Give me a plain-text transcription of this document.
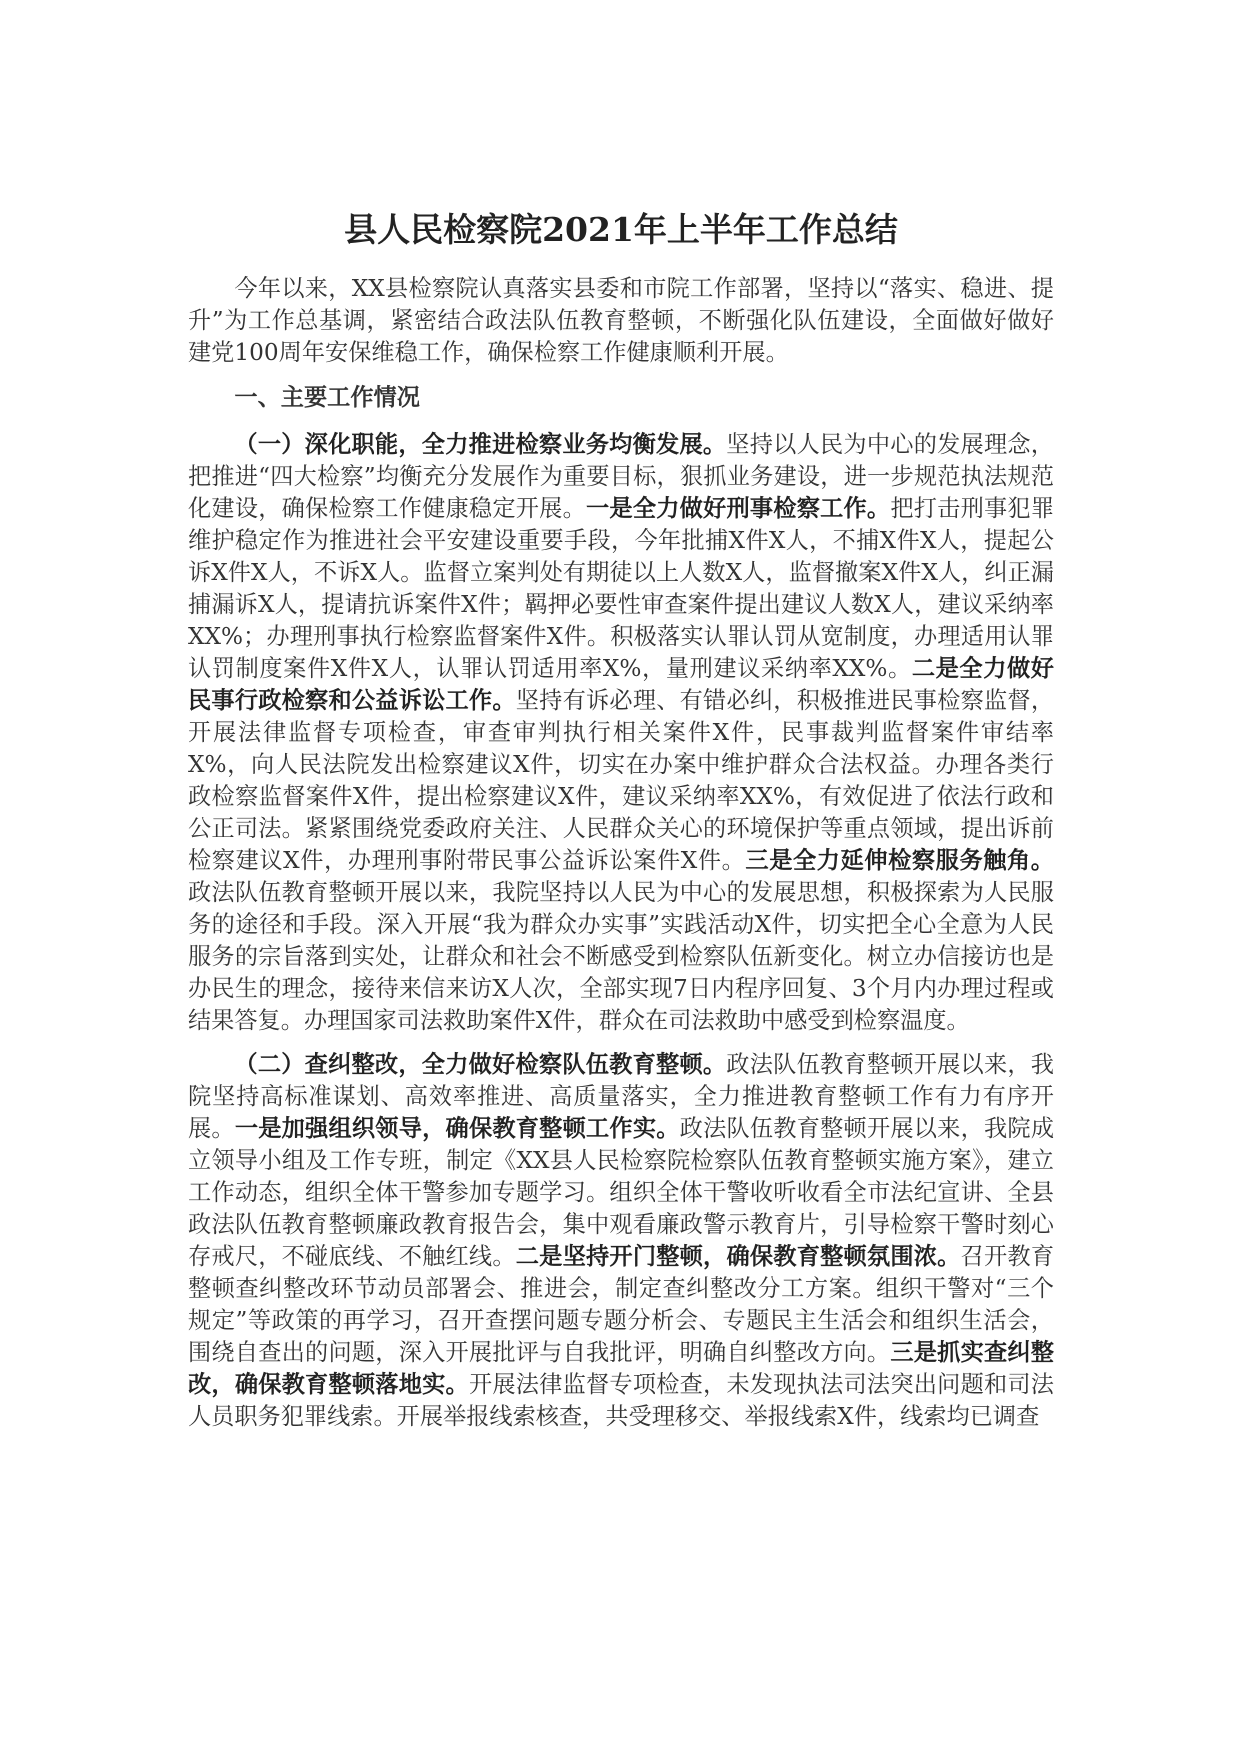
县人民检察院2021年上半年工作总结

今年以来，XX县检察院认真落实县委和市院工作部署，坚持以“落实、稳进、提升”为工作总基调，紧密结合政法队伍教育整顿，不断强化队伍建设，全面做好做好建党100周年安保维稳工作，确保检察工作健康顺利开展。

一、主要工作情况

（一）深化职能，全力推进检察业务均衡发展。坚持以人民为中心的发展理念，把推进“四大检察”均衡充分发展作为重要目标，狠抓业务建设，进一步规范执法规范化建设，确保检察工作健康稳定开展。一是全力做好刑事检察工作。把打击刑事犯罪维护稳定作为推进社会平安建设重要手段，今年批捕X件X人，不捕X件X人，提起公诉X件X人，不诉X人。监督立案判处有期徒以上人数X人，监督撤案X件X人，纠正漏捕漏诉X人，提请抗诉案件X件；羁押必要性审查案件提出建议人数X人，建议采纳率XX%；办理刑事执行检察监督案件X件。积极落实认罪认罚从宽制度，办理适用认罪认罚制度案件X件X人，认罪认罚适用率X%，量刑建议采纳率XX%。二是全力做好民事行政检察和公益诉讼工作。坚持有诉必理、有错必纠，积极推进民事检察监督，开展法律监督专项检查，审查审判执行相关案件X件，民事裁判监督案件审结率X%，向人民法院发出检察建议X件，切实在办案中维护群众合法权益。办理各类行政检察监督案件X件，提出检察建议X件，建议采纳率XX%，有效促进了依法行政和公正司法。紧紧围绕党委政府关注、人民群众关心的环境保护等重点领域，提出诉前检察建议X件，办理刑事附带民事公益诉讼案件X件。三是全力延伸检察服务触角。政法队伍教育整顿开展以来，我院坚持以人民为中心的发展思想，积极探索为人民服务的途径和手段。深入开展“我为群众办实事”实践活动X件，切实把全心全意为人民服务的宗旨落到实处，让群众和社会不断感受到检察队伍新变化。树立办信接访也是办民生的理念，接待来信来访X人次，全部实现7日内程序回复、3个月内办理过程或结果答复。办理国家司法救助案件X件，群众在司法救助中感受到检察温度。

（二）查纠整改，全力做好检察队伍教育整顿。政法队伍教育整顿开展以来，我院坚持高标准谋划、高效率推进、高质量落实，全力推进教育整顿工作有力有序开展。一是加强组织领导，确保教育整顿工作实。政法队伍教育整顿开展以来，我院成立领导小组及工作专班，制定《XX县人民检察院检察队伍教育整顿实施方案》，建立工作动态，组织全体干警参加专题学习。组织全体干警收听收看全市法纪宣讲、全县政法队伍教育整顿廉政教育报告会，集中观看廉政警示教育片，引导检察干警时刻心存戒尺，不碰底线、不触红线。二是坚持开门整顿，确保教育整顿氛围浓。召开教育整顿查纠整改环节动员部署会、推进会，制定查纠整改分工方案。组织干警对“三个规定”等政策的再学习，召开查摆问题专题分析会、专题民主生活会和组织生活会，围绕自查出的问题，深入开展批评与自我批评，明确自纠整改方向。三是抓实查纠整改，确保教育整顿落地实。开展法律监督专项检查，未发现执法司法突出问题和司法人员职务犯罪线索。开展举报线索核查，共受理移交、举报线索X件，线索均已调查
